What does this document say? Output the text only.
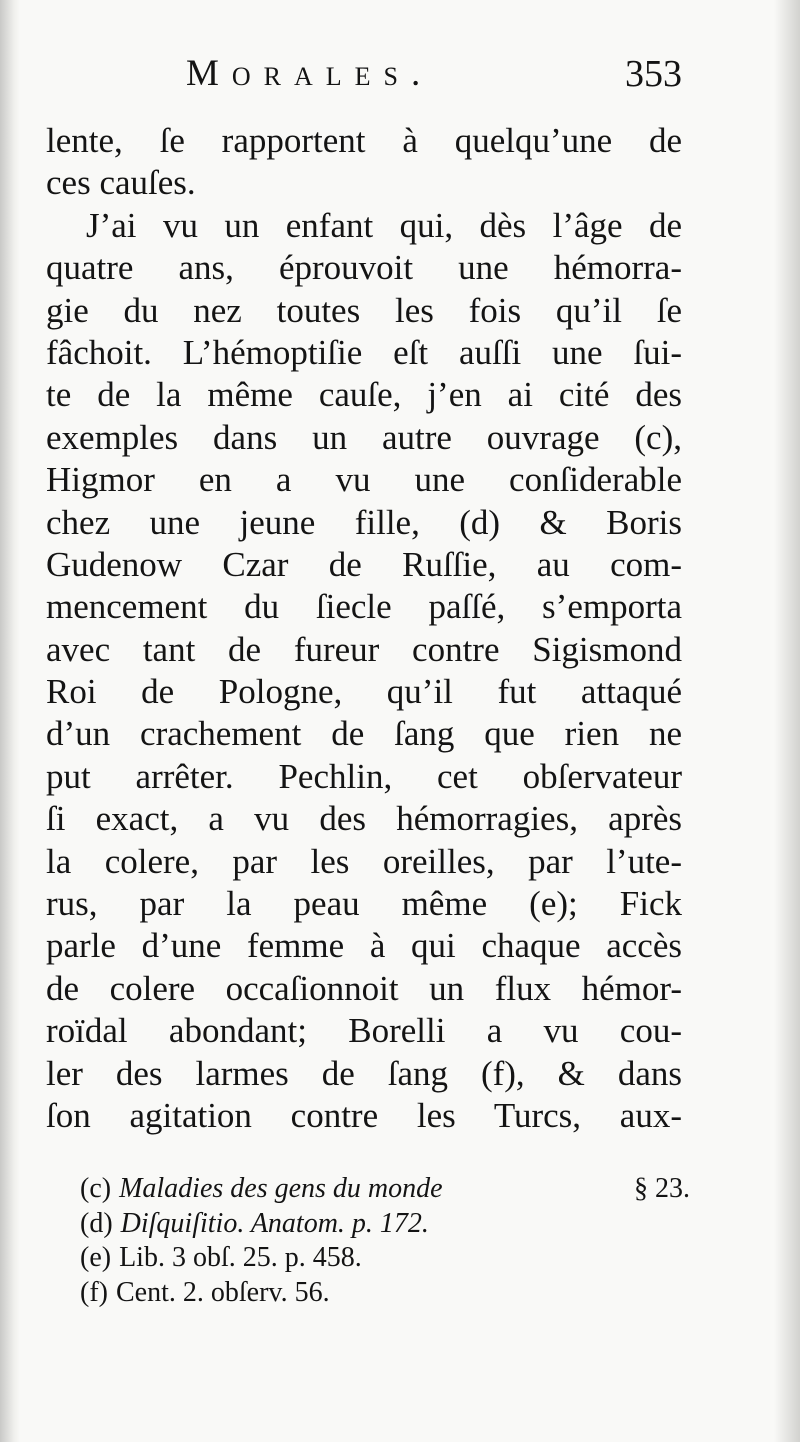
Morales.	353
lente, ſe rapportent à quelqu’une de
ces cauſes.
J’ai vu un enfant qui, dès l’âge de
quatre ans, éprouvoit une hémorra-
gie du nez toutes les fois qu’il ſe
fâchoit. L’hémoptiſie eſt auſſi une ſui-
te de la même cauſe, j’en ai cité des
exemples dans un autre ouvrage (c),
Higmor en a vu une conſiderable
chez une jeune fille, (d) & Boris
Gudenow Czar de Ruſſie, au com-
mencement du ſiecle paſſé, s’emporta
avec tant de fureur contre Sigismond
Roi de Pologne, qu’il fut attaqué
d’un crachement de ſang que rien ne
put arrêter. Pechlin, cet obſervateur
ſi exact, a vu des hémorragies, après
la colere, par les oreilles, par l’ute-
rus, par la peau même (e); Fick
parle d’une femme à qui chaque accès
de colere occaſionnoit un flux hémor-
roïdal abondant; Borelli a vu cou-
ler des larmes de ſang (f), & dans
ſon agitation contre les Turcs, aux-
(c) Maladies des gens du monde	§ 23.
(d) Diſquiſitio. Anatom. p. 172.
(e) Lib. 3 obſ. 25. p. 458.
(f) Cent. 2. obſerv. 56.
